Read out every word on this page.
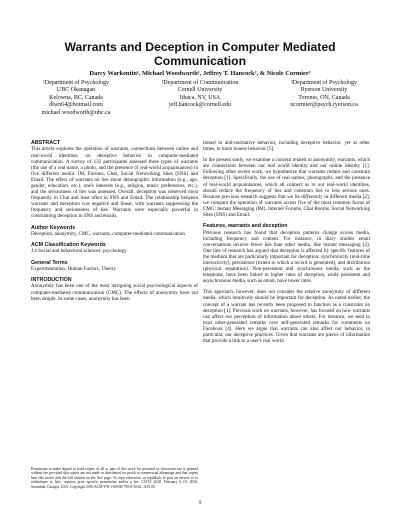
Warrants and Deception in Computer Mediated Communication
Darcy Warkentin¹, Michael Woodworth¹, Jeffrey T. Hancock², & Nicole Cormier³
¹Department of Psychology
UBC Okanagan
Kelowna, BC, Canada
dlwn64@hotmail.com
michael.woodworth@ubc.ca
²Department of Communication
Cornell University
Ithaca, NY, USA
jeff.hancock@cornell.edu
³Department of Psychology
Ryerson University
Toronto, ON, Canada
ncormier@psych.ryerson.ca
ABSTRACT
This article explores the operation of warrants, connections between online and real-world identities, on deceptive behavior in computer-mediated communication. A survey of 132 participants assessed three types of warrants (the use of a real name, a photo, and the presence of real-world acquaintances) in five different media: IM, Forums, Chat, Social Networking Sites (SNS) and Email. The effect of warrants on lies about demographic information (e.g., age, gender, education, etc.), one's interests (e.g., religion, music preferences, etc.), and the seriousness of lies was assessed. Overall, deception was observed most frequently in Chat and least often in SNS and Email. The relationship between warrants and deception was negative and linear, with warrants suppressing the frequency and seriousness of lies. Warrants were especially powerful in constraining deception in SNS and emails.
Author Keywords
Deception, anonymity, CMC, warrants, computer-mediated communication
ACM Classification Keywords
J.4 Social and behavioral sciences: psychology
General Terms
Experimentation, Human Factors, Theory
INTRODUCTION
Anonymity has been one of the most intriguing social psychological aspects of computer-mediated communication (CMC). The effects of anonymity have not been simple. In some cases, anonymity has been
linked to anti-normative behavior, including deceptive behavior, yet at other times, to more honest behavior [5].
In the present study, we examine a concept related to anonymity, warrants, which are connections between our real world identity and our online identity [1]. Following other recent work, we hypothesize that warrants reduce and constrain deception [1]. Specifically, the use of real names, photographs, and the presence of real-world acquaintances, which all connect us to our real-world identities, should reduce the frequency of lies and constrain lies to less serious ones. Because previous research suggests that we lie differently in different media [2], we compare the operation of warrants across five of the most common forms of CMC: Instant Messaging (IM), Internet Forums, Chat Rooms, Social Networking Sites (SNS) and Email.
Features, warrants and deception
Previous research has found that deception patterns change across media, including frequency and content. For instance, in diary studies email conversations involve fewer lies than other media, like instant messaging [2]. One line of research has argued that deception is affected by specific features of the medium that are particularly important for deception: synchronicity (real-time interactivity), persistence (extent to which a record is generated), and distribution (physical separation). Non-persistent and synchronous media, such as the telephone, have been linked to higher rates of deception, while persistent and asynchronous media, such as email, have lower rates.
This approach, however, does not consider the relative anonymity of different media, which intuitively should be important for deception. As noted earlier, the concept of a warrant has recently been proposed to function as a constraint on deception [1]. Previous work on warrants, however, has focused on how warrants can affect our perception of information about others. For instance, we tend to trust other-generated remarks over self-generated remarks for comments on Facebook [4]. Here we argue that warrants can also affect our behavior, in particular, our deceptive practices. Given that warrants are pieces of information that provide a link to a user's real world
Permission to make digital or hard copies of all or part of this work for personal or classroom use is granted without fee provided that copies are not made or distributed for profit or commercial advantage and that copies bear this notice and the full citation on the first page. To copy otherwise, or republish, to post on servers or to redistribute to lists, requires prior specific permission and/or a fee. CSCW 2010, February 6–10, 2010, Savannah, Georgia, USA. Copyright 2010 ACM 978-1-60558-795-0/10/02...$10.00.
9
